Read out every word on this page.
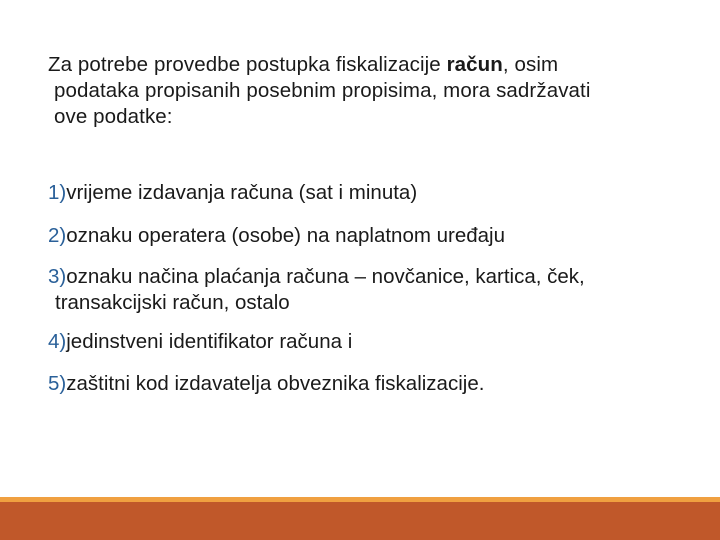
Za potrebe provedbe postupka fiskalizacije račun, osim
podataka propisanih posebnim propisima, mora sadržavati
ove podatke:
1)vrijeme izdavanja računa (sat i minuta)
2)oznaku operatera (osobe) na naplatnom uređaju
3)oznaku načina plaćanja računa – novčanice, kartica, ček,
transakcijski račun, ostalo
4)jedinstveni identifikator računa i
5)zaštitni kod izdavatelja obveznika fiskalizacije.
